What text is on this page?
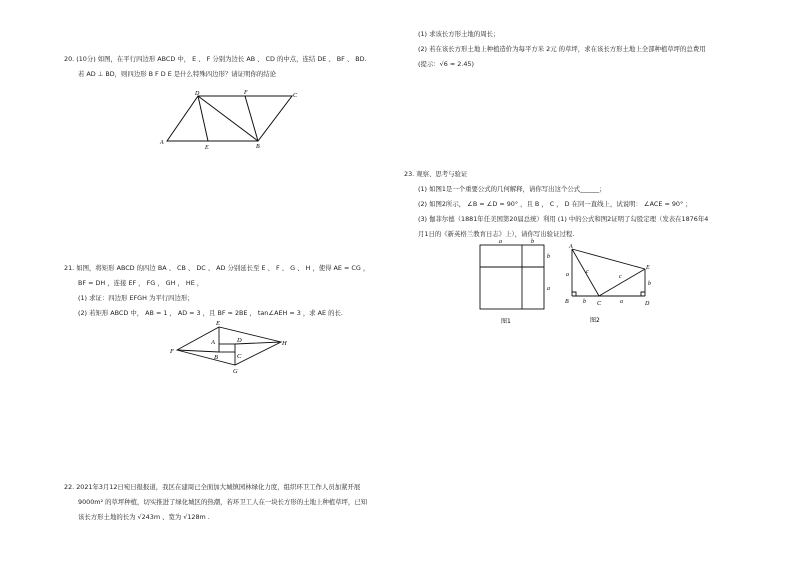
20. (10分) 如图，在平行四边形 ABCD 中， E 、 F 分别为边长 AB 、 CD 的中点，连结 DE 、 BF 、 BD.
若 AD ⊥ BD，则四边形 B F D E 是什么特殊四边形？请证明你的结论
A
D	F	C
E	B
21. 如图，将矩形 ABCD 的四边 BA 、 CB 、 DC 、 AD 分别延长至 E 、 F 、 G 、 H ，使得 AE = CG ，
BF = DH ，连接 EF ， FG ， GH ， HE ，
(1) 求证：四边形 EFGH 为平行四边形；
(2) 若矩形 ABCD 中， AB = 1 ， AD = 3 ，且 BF = 2BE ， tan∠AEH = 3 ，求 AE 的长.
E
F
A	D
B	C
H
G
22. 2021年3月12日宛日报报道，我区在建周已全面加大城镇园林绿化力度，组织环卫工作人员加紧开展
9000m² 的草坪种植，切实推进了绿化城区的热潮，若环卫工人在一块长方形的土地上种植草坪，已知
该长方形土地的长为 √243m 、宽为 √128m .
(1) 求该长方形土地的周长；
(2) 若在该长方形土地上种植造价为每平方米 2元 的草坪，求在该长方形土地上全部种植草坪的总费用
(提示：√6 ≈ 2.45)
23. 观察、思考与验证
(1) 如图1是一个重要公式的几何解释，请你写出这个公式______；
(2) 如图2所示， ∠B = ∠D = 90° ，且 B ， C ， D 在同一直线上，试说明： ∠ACE = 90° ；
(3) 伽菲尔德（1881年任美国第20届总统）利用 (1) 中的公式和图2证明了勾股定理（发表在1876年4
月1日的《新英格兰教育日志》上），请你写出验证过程.
a	b
b
a
图1
A
E
B	C	D
a	c
c
b
b	a
图2
